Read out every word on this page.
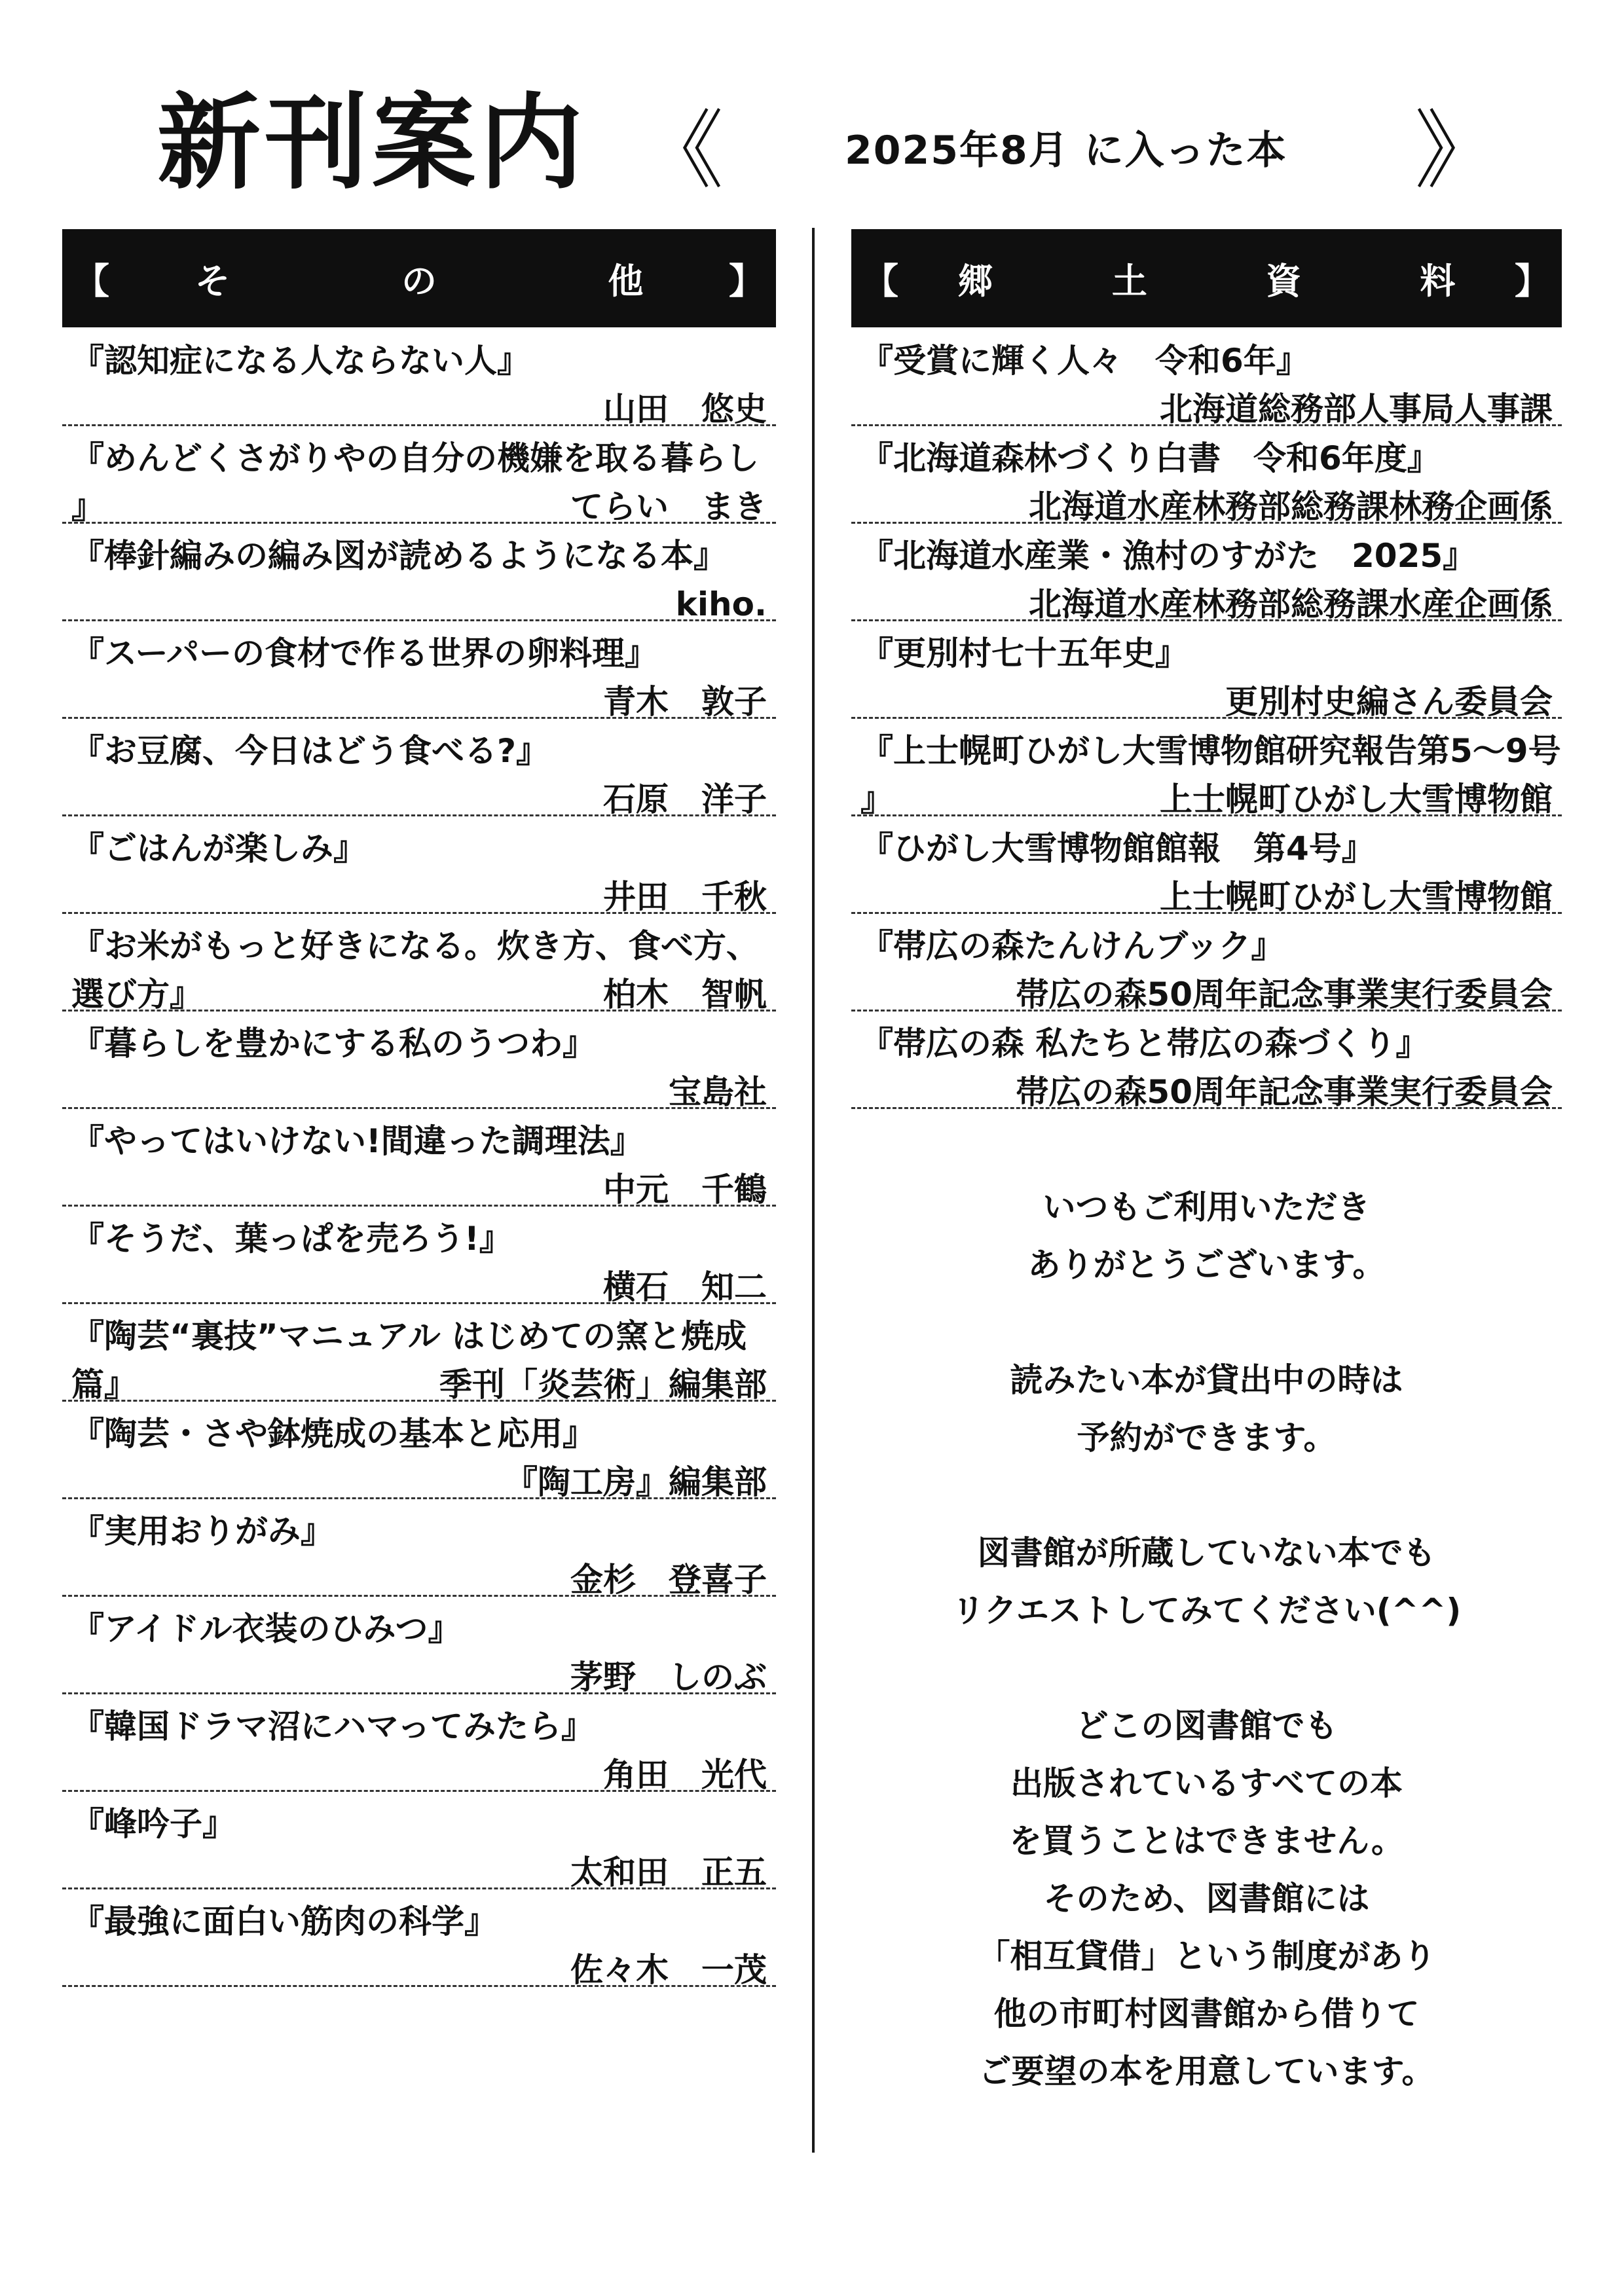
新刊案内 《	2025年8月 に入った本 》
【 そ	の	他 】
『認知症になる人ならない人』
山田　悠史
『めんどくさがりやの自分の機嫌を取る暮らし』	てらい　まき
『棒針編みの編み図が読めるようになる本』
kiho.
『スーパーの食材で作る世界の卵料理』
青木　敦子
『お豆腐、今日はどう食べる?』
石原　洋子
『ごはんが楽しみ』
井田　千秋
『お米がもっと好きになる。炊き方、食べ方、選び方』	柏木　智帆
『暮らしを豊かにする私のうつわ』
宝島社
『やってはいけない!間違った調理法』
中元　千鶴
『そうだ、葉っぱを売ろう!』
横石　知二
『陶芸“裏技”マニュアル はじめての窯と焼成篇』	季刊「炎芸術」編集部
『陶芸・さや鉢焼成の基本と応用』
『陶工房』編集部
『実用おりがみ』
金杉　登喜子
『アイドル衣装のひみつ』
茅野　しのぶ
『韓国ドラマ沼にハマってみたら』
角田　光代
『峰吟子』
太和田　正五
『最強に面白い筋肉の科学』
佐々木　一茂
【 郷	土	資	料 】
『受賞に輝く人々　令和6年』
北海道総務部人事局人事課
『北海道森林づくり白書　令和6年度』
北海道水産林務部総務課林務企画係
『北海道水産業・漁村のすがた　2025』
北海道水産林務部総務課水産企画係
『更別村七十五年史』
更別村史編さん委員会
『上士幌町ひがし大雪博物館研究報告第5～9号』	上士幌町ひがし大雪博物館
『ひがし大雪博物館館報　第4号』
上士幌町ひがし大雪博物館
『帯広の森たんけんブック』
帯広の森50周年記念事業実行委員会
『帯広の森 私たちと帯広の森づくり』
帯広の森50周年記念事業実行委員会
いつもご利用いただき
ありがとうございます。
読みたい本が貸出中の時は
予約ができます。
図書館が所蔵していない本でも
リクエストしてみてください(^^)
どこの図書館でも
出版されているすべての本
を買うことはできません。
そのため、図書館には
「相互貸借」という制度があり
他の市町村図書館から借りて
ご要望の本を用意しています。
